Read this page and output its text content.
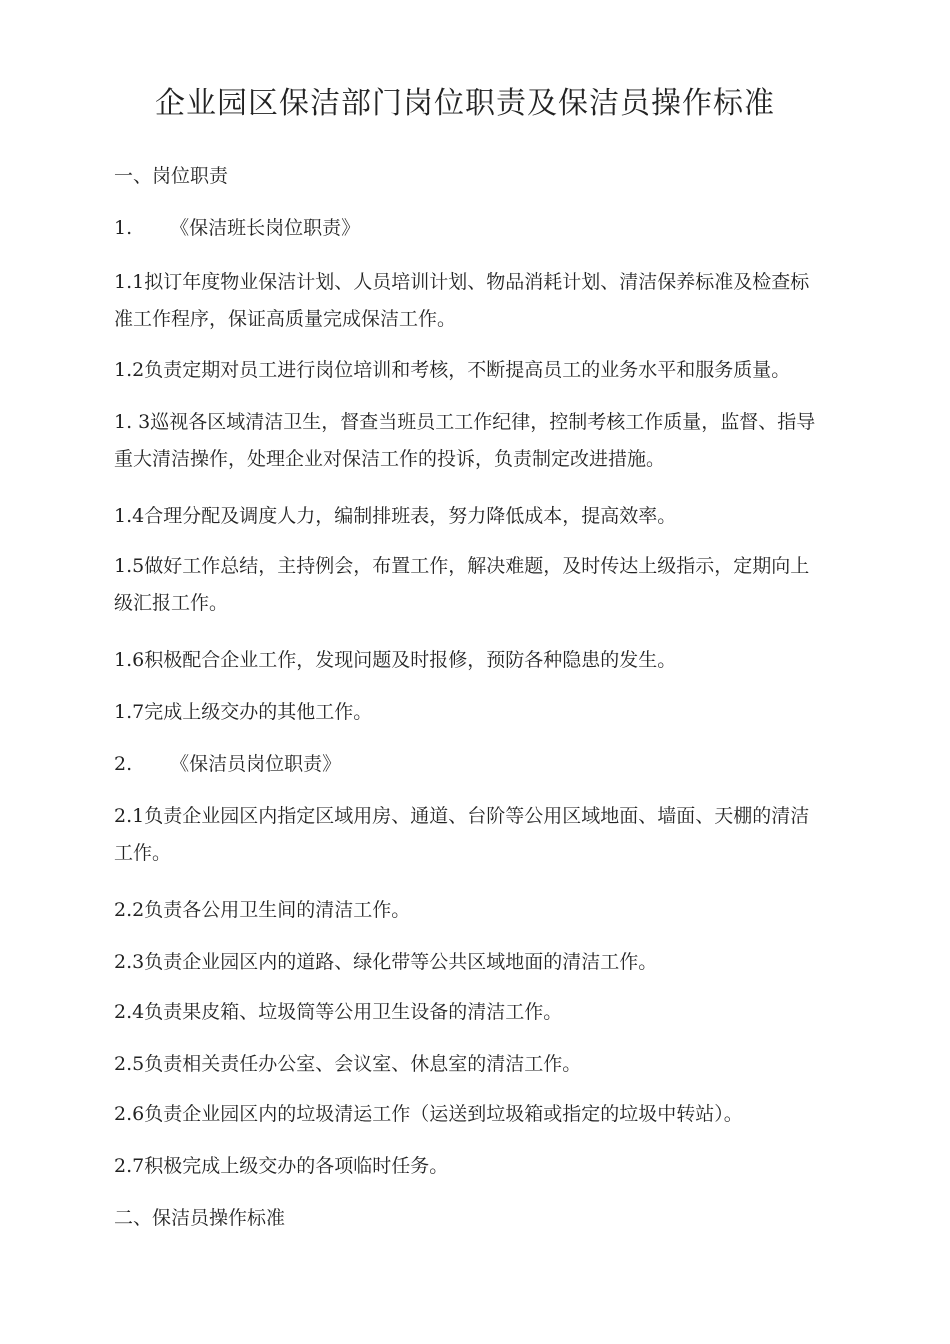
企业园区保洁部门岗位职责及保洁员操作标准
一、岗位职责
1. 《保洁班长岗位职责》
1.1拟订年度物业保洁计划、人员培训计划、物品消耗计划、清洁保养标准及检查标准工作程序，保证高质量完成保洁工作。
1.2负责定期对员工进行岗位培训和考核，不断提高员工的业务水平和服务质量。
1. 3巡视各区域清洁卫生，督查当班员工工作纪律，控制考核工作质量，监督、指导重大清洁操作，处理企业对保洁工作的投诉，负责制定改进措施。
1.4合理分配及调度人力，编制排班表，努力降低成本，提高效率。
1.5做好工作总结，主持例会，布置工作，解决难题，及时传达上级指示，定期向上级汇报工作。
1.6积极配合企业工作，发现问题及时报修，预防各种隐患的发生。
1.7完成上级交办的其他工作。
2. 《保洁员岗位职责》
2.1负责企业园区内指定区域用房、通道、台阶等公用区域地面、墙面、天棚的清洁工作。
2.2负责各公用卫生间的清洁工作。
2.3负责企业园区内的道路、绿化带等公共区域地面的清洁工作。
2.4负责果皮箱、垃圾筒等公用卫生设备的清洁工作。
2.5负责相关责任办公室、会议室、休息室的清洁工作。
2.6负责企业园区内的垃圾清运工作（运送到垃圾箱或指定的垃圾中转站）。
2.7积极完成上级交办的各项临时任务。
二、保洁员操作标准
